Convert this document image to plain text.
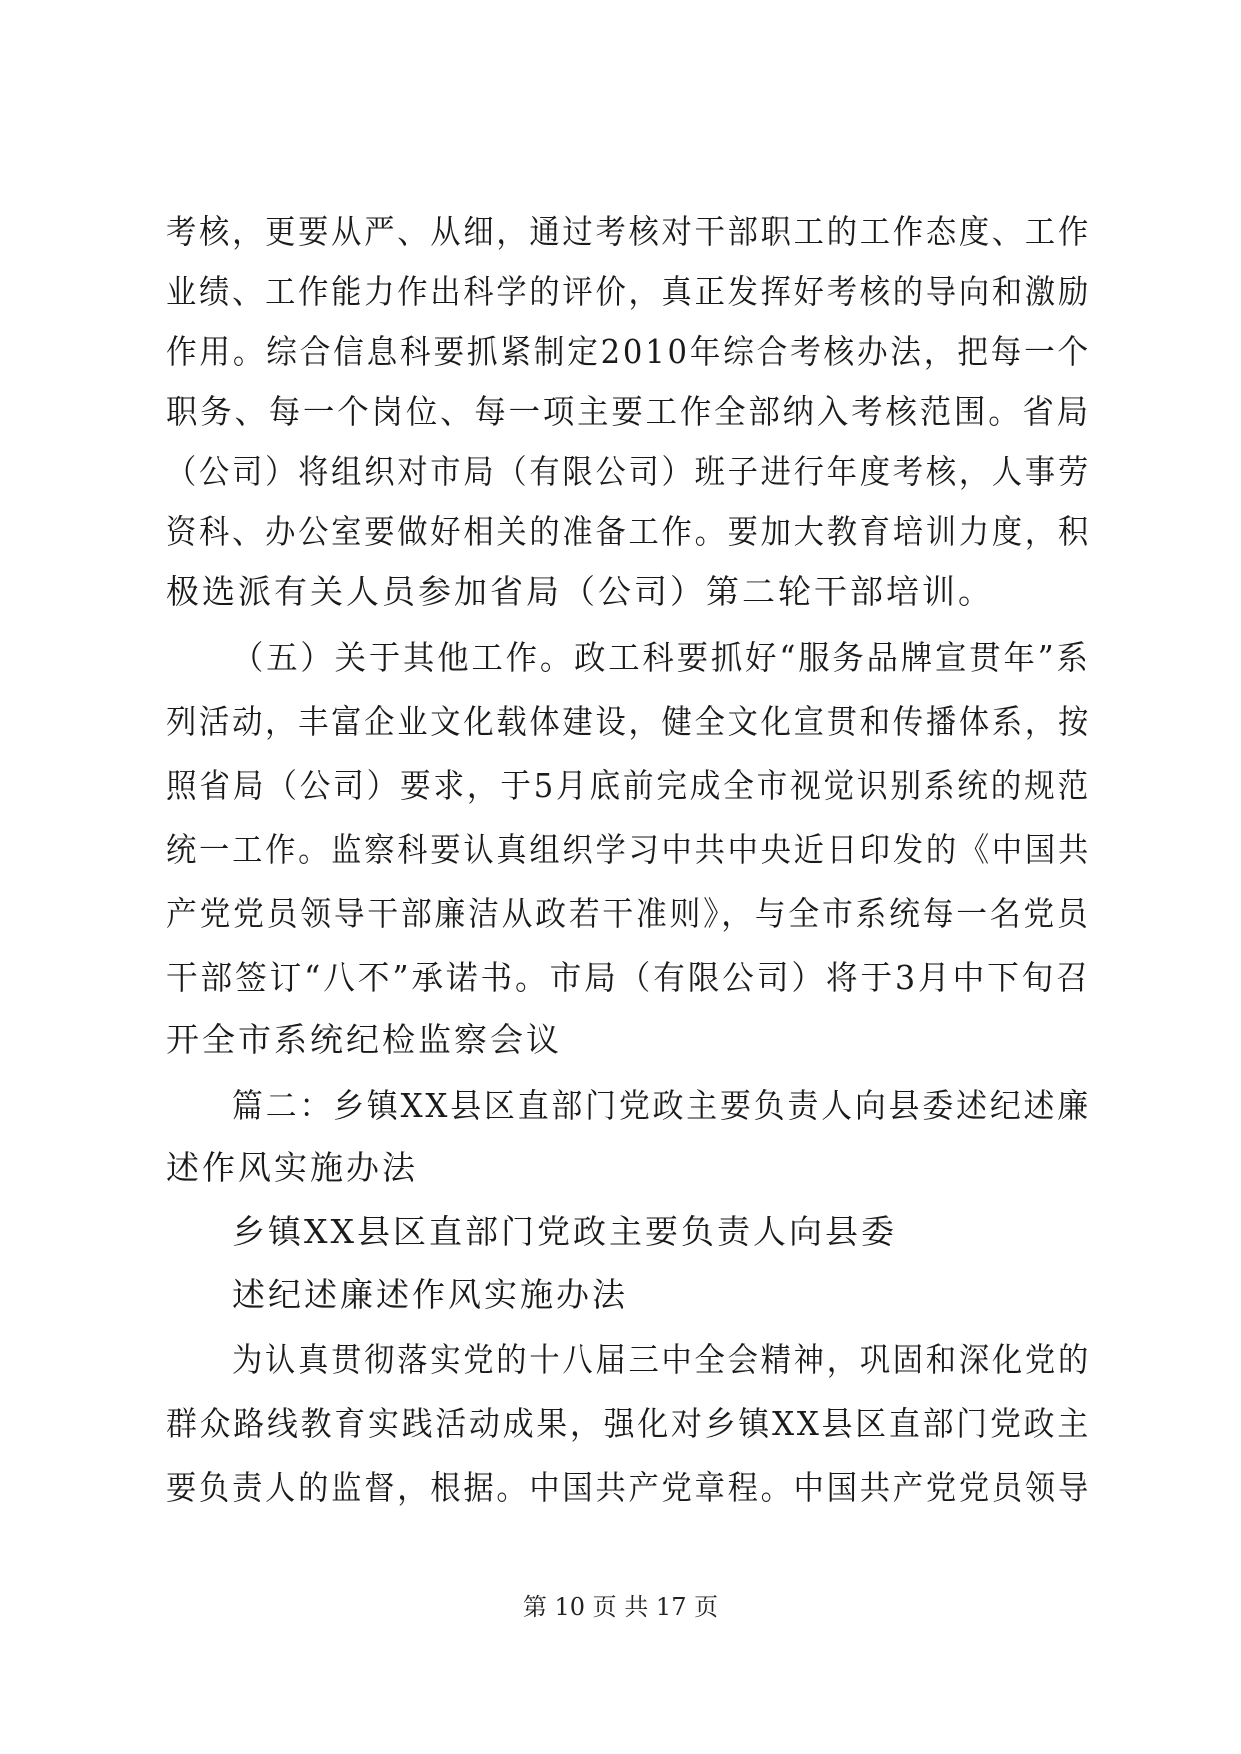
考核，更要从严、从细，通过考核对干部职工的工作态度、工作
业绩、工作能力作出科学的评价，真正发挥好考核的导向和激励
作用。综合信息科要抓紧制定2010年综合考核办法，把每一个
职务、每一个岗位、每一项主要工作全部纳入考核范围。省局
（公司）将组织对市局（有限公司）班子进行年度考核，人事劳
资科、办公室要做好相关的准备工作。要加大教育培训力度，积
极选派有关人员参加省局（公司）第二轮干部培训。
（五）关于其他工作。政工科要抓好“服务品牌宣贯年”系
列活动，丰富企业文化载体建设，健全文化宣贯和传播体系，按
照省局（公司）要求，于5月底前完成全市视觉识别系统的规范
统一工作。监察科要认真组织学习中共中央近日印发的《中国共
产党党员领导干部廉洁从政若干准则》，与全市系统每一名党员
干部签订“八不”承诺书。市局（有限公司）将于3月中下旬召
开全市系统纪检监察会议
篇二：乡镇XX县区直部门党政主要负责人向县委述纪述廉
述作风实施办法
乡镇XX县区直部门党政主要负责人向县委
述纪述廉述作风实施办法
为认真贯彻落实党的十八届三中全会精神，巩固和深化党的
群众路线教育实践活动成果，强化对乡镇XX县区直部门党政主
要负责人的监督，根据。中国共产党章程。中国共产党党员领导
第 10 页 共 17 页
